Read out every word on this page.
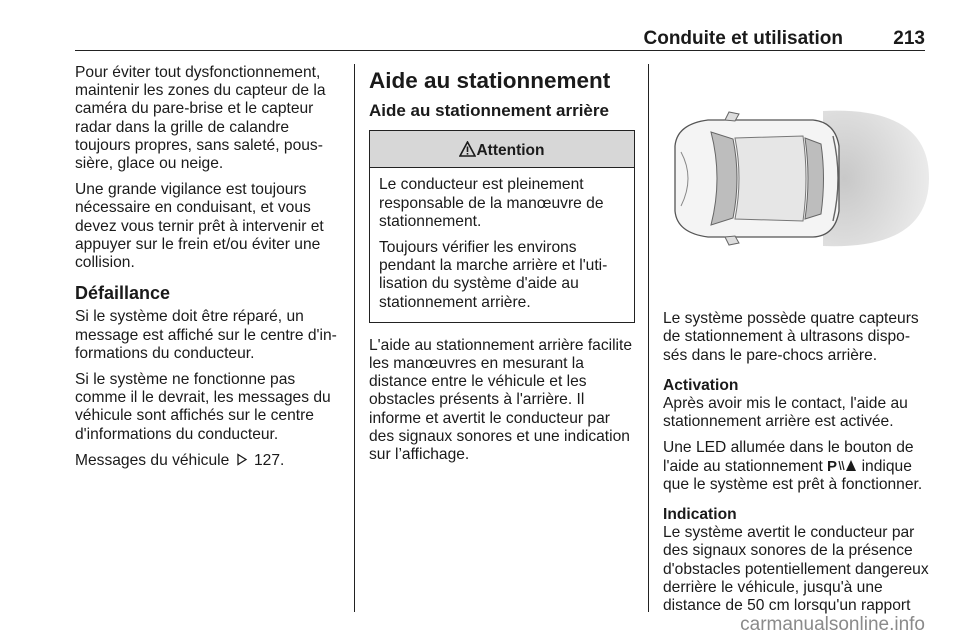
Conduite et utilisation	213

Pour éviter tout dysfonctionnement, maintenir les zones du capteur de la caméra du pare-brise et le capteur radar dans la grille de calandre toujours propres, sans saleté, poussière, glace ou neige.

Une grande vigilance est toujours nécessaire en conduisant, et vous devez vous ternir prêt à intervenir et appuyer sur le frein et/ou éviter une collision.

Défaillance

Si le système doit être réparé, un message est affiché sur le centre d'informations du conducteur.

Si le système ne fonctionne pas comme il le devrait, les messages du véhicule sont affichés sur le centre d'informations du conducteur.

Messages du véhicule 127.

Aide au stationnement
Aide au stationnement arrière
Attention

Le conducteur est pleinement responsable de la manœuvre de stationnement.

Toujours vérifier les environs pendant la marche arrière et l'utilisation du système d'aide au stationnement arrière.

L'aide au stationnement arrière facilite les manœuvres en mesurant la distance entre le véhicule et les obstacles présents à l'arrière. Il informe et avertit le conducteur par des signaux sonores et une indication sur l’affichage.

Le système possède quatre capteurs de stationnement à ultrasons disposés dans le pare-chocs arrière.

Activation

Après avoir mis le contact, l'aide au stationnement arrière est activée.

Une LED allumée dans le bouton de l'aide au stationnement P indique que le système est prêt à fonctionner.

Indication

Le système avertit le conducteur par des signaux sonores de la présence d'obstacles potentiellement dangereux derrière le véhicule, jusqu'à une distance de 50 cm lorsqu'un rapport

carmanualsonline.info
